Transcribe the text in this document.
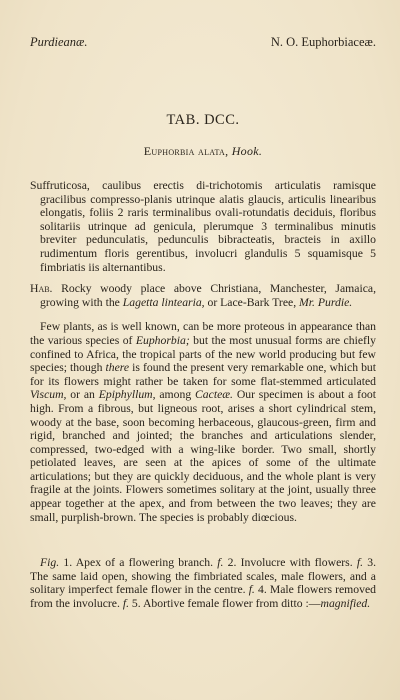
Purdieanæ.	N. O. Euphorbiaceæ.
TAB. DCC.
Euphorbia alata, Hook.

Suffruticosa, caulibus erectis di-trichotomis articulatis ramisque gracilibus compresso-planis utrinque alatis glaucis, articulis linearibus elongatis, foliis 2 raris terminalibus ovali-rotundatis deciduis, floribus solitariis utrinque ad genicula, plerumque 3 terminalibus minutis breviter pedunculatis, pedunculis bibracteatis, bracteis in axillo rudimentum floris gerentibus, involucri glandulis 5 squamisque 5 fimbriatis iis alternantibus.

Hab. Rocky woody place above Christiana, Manchester, Jamaica, growing with the Lagetta lintearia, or Lace-Bark Tree, Mr. Purdie.

Few plants, as is well known, can be more proteous in appearance than the various species of Euphorbia; but the most unusual forms are chiefly confined to Africa, the tropical parts of the new world producing but few species; though there is found the present very remarkable one, which but for its flowers might rather be taken for some flat-stemmed articulated Viscum, or an Epiphyllum, among Cacteæ. Our specimen is about a foot high. From a fibrous, but ligneous root, arises a short cylindrical stem, woody at the base, soon becoming herbaceous, glaucous-green, firm and rigid, branched and jointed; the branches and articulations slender, compressed, two-edged with a wing-like border. Two small, shortly petiolated leaves, are seen at the apices of some of the ultimate articulations; but they are quickly deciduous, and the whole plant is very fragile at the joints. Flowers sometimes solitary at the joint, usually three appear together at the apex, and from between the two leaves; they are small, purplish-brown. The species is probably diœcious.

Fig. 1. Apex of a flowering branch. f. 2. Involucre with flowers. f. 3. The same laid open, showing the fimbriated scales, male flowers, and a solitary imperfect female flower in the centre. f. 4. Male flowers removed from the involucre. f. 5. Abortive female flower from ditto :—magnified.
